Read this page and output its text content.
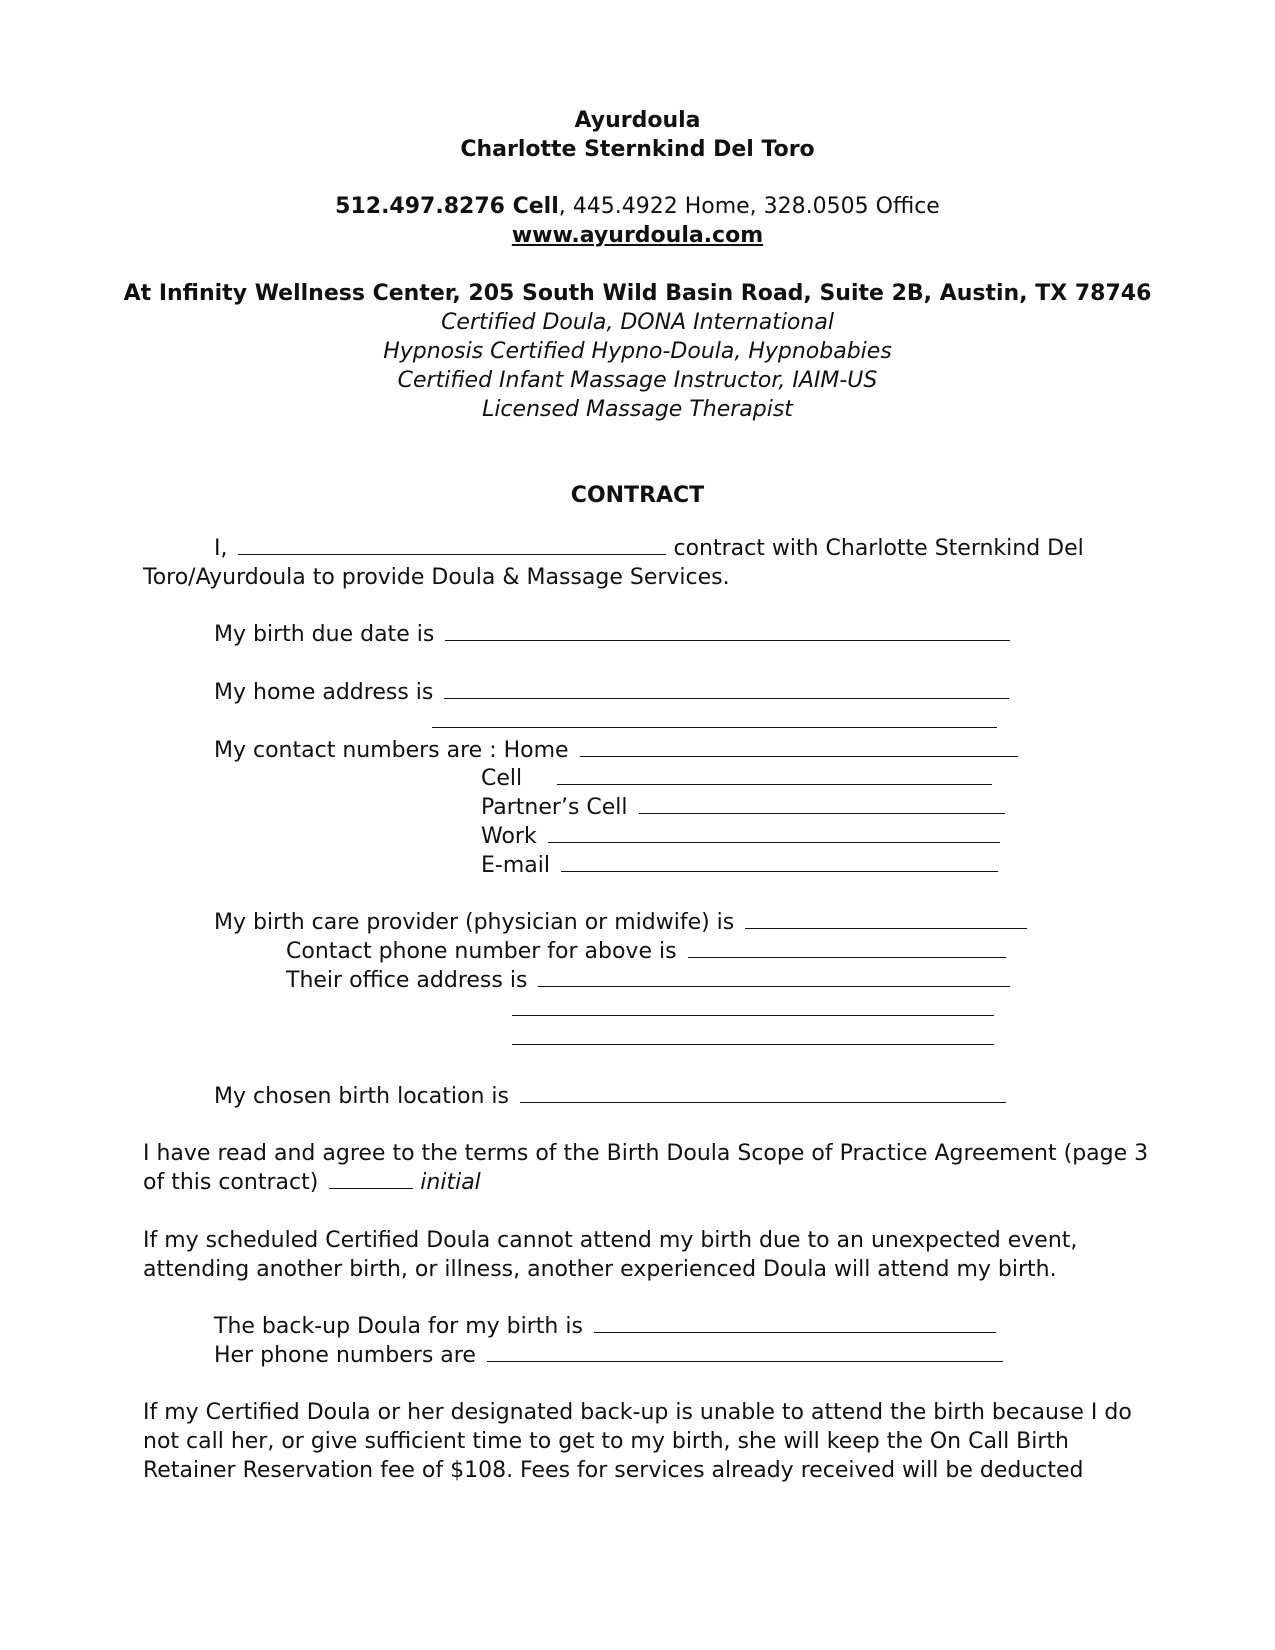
Ayurdoula
Charlotte Sternkind Del Toro
512.497.8276 Cell, 445.4922 Home, 328.0505 Office
www.ayurdoula.com
At Infinity Wellness Center, 205 South Wild Basin Road, Suite 2B, Austin, TX 78746
Certified Doula, DONA International
Hypnosis Certified Hypno-Doula, Hypnobabies
Certified Infant Massage Instructor, IAIM-US
Licensed Massage Therapist
CONTRACT
I,	contract with Charlotte Sternkind Del
Toro/Ayurdoula to provide Doula & Massage Services.
My birth due date is
My home address is
My contact numbers are : Home
Cell
Partner’s Cell
Work
E-mail
My birth care provider (physician or midwife) is
Contact phone number for above is
Their office address is
My chosen birth location is
I have read and agree to the terms of the Birth Doula Scope of Practice Agreement (page 3
of this contract)	initial
If my scheduled Certified Doula cannot attend my birth due to an unexpected event,
attending another birth, or illness, another experienced Doula will attend my birth.
The back-up Doula for my birth is
Her phone numbers are
If my Certified Doula or her designated back-up is unable to attend the birth because I do
not call her, or give sufficient time to get to my birth, she will keep the On Call Birth
Retainer Reservation fee of $108. Fees for services already received will be deducted
